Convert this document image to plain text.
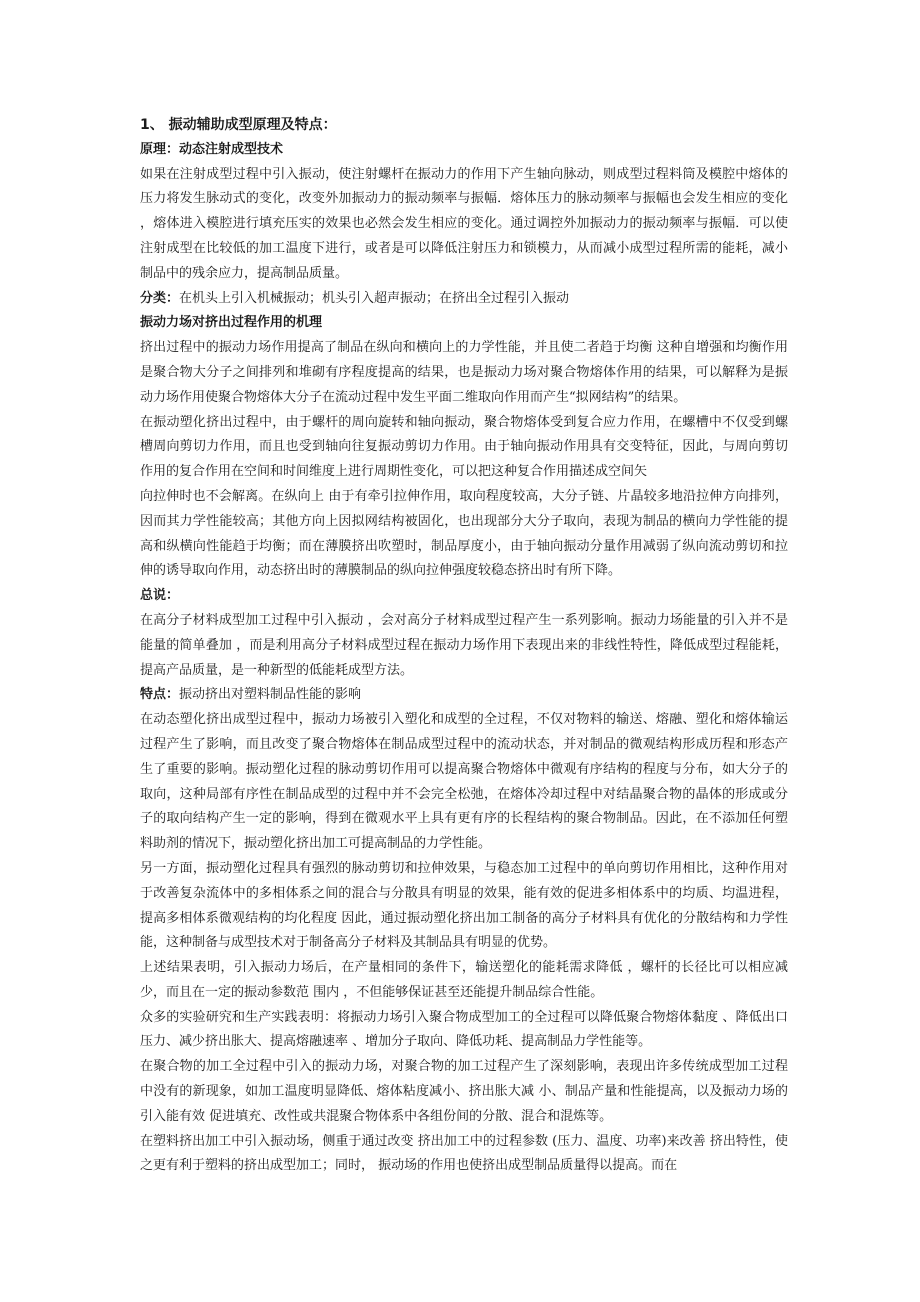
1、 振动辅助成型原理及特点：

原理：动态注射成型技术

如果在注射成型过程中引入振动，使注射螺杆在振动力的作用下产生轴向脉动，则成型过程料筒及模腔中熔体的压力将发生脉动式的变化，改变外加振动力的振动频率与振幅．熔体压力的脉动频率与振幅也会发生相应的变化 ，熔体进入模腔进行填充压实的效果也必然会发生相应的变化。通过调控外加振动力的振动频率与振幅．可以使注射成型在比较低的加工温度下进行，或者是可以降低注射压力和锁模力，从而减小成型过程所需的能耗，减小制品中的残余应力，提高制品质量。

分类：在机头上引入机械振动；机头引入超声振动；在挤出全过程引入振动

振动力场对挤出过程作用的机理

挤出过程中的振动力场作用提高了制品在纵向和横向上的力学性能，并且使二者趋于均衡 这种自增强和均衡作用是聚合物大分子之间排列和堆砌有序程度提高的结果，也是振动力场对聚合物熔体作用的结果，可以解释为是振动力场作用使聚合物熔体大分子在流动过程中发生平面二维取向作用而产生“拟网结构”的结果。

在振动塑化挤出过程中，由于螺杆的周向旋转和轴向振动，聚合物熔体受到复合应力作用，在螺槽中不仅受到螺槽周向剪切力作用，而且也受到轴向往复振动剪切力作用。由于轴向振动作用具有交变特征，因此，与周向剪切作用的复合作用在空间和时间维度上进行周期性变化，可以把这种复合作用描述成空间矢

向拉伸时也不会解离。在纵向上 由于有牵引拉伸作用，取向程度较高，大分子链、片晶较多地沿拉伸方向排列，因而其力学性能较高；其他方向上因拟网结构被固化，也出现部分大分子取向，表现为制品的横向力学性能的提高和纵横向性能趋于均衡；而在薄膜挤出吹塑时，制品厚度小，由于轴向振动分量作用减弱了纵向流动剪切和拉伸的诱导取向作用，动态挤出时的薄膜制品的纵向拉伸强度较稳态挤出时有所下降。

总说：

在高分子材料成型加工过程中引入振动 ，会对高分子材料成型过程产生一系列影响。振动力场能量的引入并不是能量的简单叠加 ，而是利用高分子材料成型过程在振动力场作用下表现出来的非线性特性，降低成型过程能耗，提高产品质量，是一种新型的低能耗成型方法。

特点：振动挤出对塑料制品性能的影响

在动态塑化挤出成型过程中，振动力场被引入塑化和成型的全过程，不仅对物料的输送、熔融、塑化和熔体输运过程产生了影响，而且改变了聚合物熔体在制品成型过程中的流动状态，并对制品的微观结构形成历程和形态产生了重要的影响。振动塑化过程的脉动剪切作用可以提高聚合物熔体中微观有序结构的程度与分布，如大分子的取向，这种局部有序性在制品成型的过程中并不会完全松弛，在熔体冷却过程中对结晶聚合物的晶体的形成或分子的取向结构产生一定的影响，得到在微观水平上具有更有序的长程结构的聚合物制品。因此，在不添加任何塑料助剂的情况下，振动塑化挤出加工可提高制品的力学性能。

另一方面，振动塑化过程具有强烈的脉动剪切和拉伸效果，与稳态加工过程中的单向剪切作用相比，这种作用对于改善复杂流体中的多相体系之间的混合与分散具有明显的效果，能有效的促进多相体系中的均质、均温进程，提高多相体系微观结构的均化程度 因此，通过振动塑化挤出加工制备的高分子材料具有优化的分散结构和力学性能，这种制备与成型技术对于制备高分子材料及其制品具有明显的优势。

上述结果表明，引入振动力场后，在产量相同的条件下，输送塑化的能耗需求降低 ，螺杆的长径比可以相应减少，而且在一定的振动参数范 围内 ，不但能够保证甚至还能提升制品综合性能。

众多的实验研究和生产实践表明：将振动力场引入聚合物成型加工的全过程可以降低聚合物熔体黏度 、降低出口压力、减少挤出胀大、提高熔融速率 、增加分子取向、降低功耗、提高制品力学性能等。

在聚合物的加工全过程中引入的振动力场，对聚合物的加工过程产生了深刻影响，表现出许多传统成型加工过程 中没有的新现象，如加工温度明显降低、熔体粘度减小、挤出胀大减 小、制品产量和性能提高，以及振动力场的引入能有效 促进填充、改性或共混聚合物体系中各组份间的分散、混合和混炼等。

在塑料挤出加工中引入振动场，侧重于通过改变 挤出加工中的过程参数 (压力、温度、功率)来改善 挤出特性，使之更有利于塑料的挤出成型加工；同时， 振动场的作用也使挤出成型制品质量得以提高。而在
